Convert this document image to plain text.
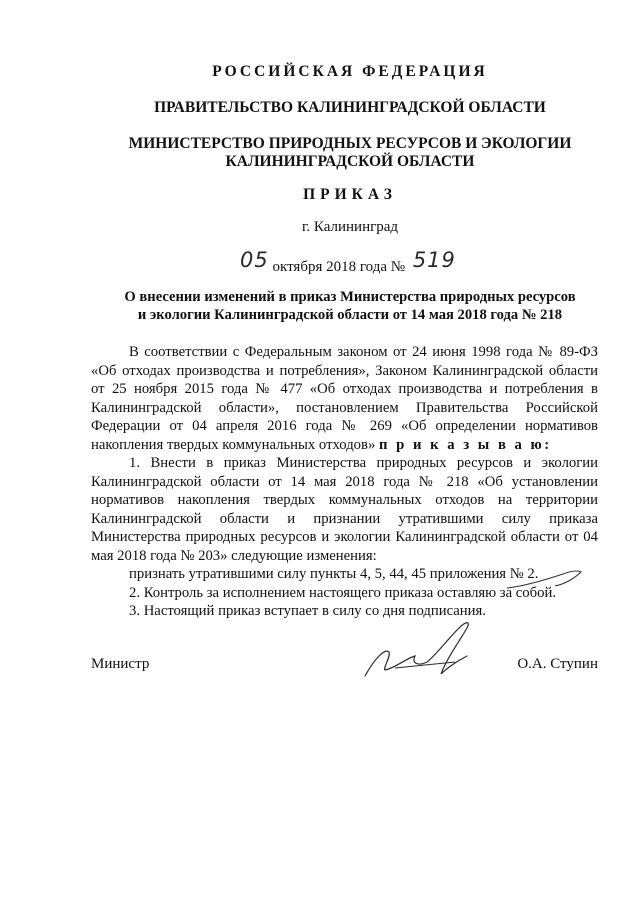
РОССИЙСКАЯ ФЕДЕРАЦИЯ
ПРАВИТЕЛЬСТВО КАЛИНИНГРАДСКОЙ ОБЛАСТИ
МИНИСТЕРСТВО ПРИРОДНЫХ РЕСУРСОВ И ЭКОЛОГИИ
КАЛИНИНГРАДСКОЙ ОБЛАСТИ
ПРИКАЗ
г. Калининград
05 октября 2018 года № 519
О внесении изменений в приказ Министерства природных ресурсов
и экологии Калининградской области от 14 мая 2018 года № 218

В соответствии с Федеральным законом от 24 июня 1998 года № 89-ФЗ «Об отходах производства и потребления», Законом Калининградской области от 25 ноября 2015 года № 477 «Об отходах производства и потребления в Калининградской области», постановлением Правительства Российской Федерации от 04 апреля 2016 года № 269 «Об определении нормативов накопления твердых коммунальных отходов» п р и к а з ы в а ю:

1. Внести в приказ Министерства природных ресурсов и экологии Калининградской области от 14 мая 2018 года № 218 «Об установлении нормативов накопления твердых коммунальных отходов на территории Калининградской области и признании утратившими силу приказа Министерства природных ресурсов и экологии Калининградской области от 04 мая 2018 года № 203» следующие изменения:

признать утратившими силу пункты 4, 5, 44, 45 приложения № 2.

2. Контроль за исполнением настоящего приказа оставляю за собой.

3. Настоящий приказ вступает в силу со дня подписания.

Министр	О.А. Ступин
